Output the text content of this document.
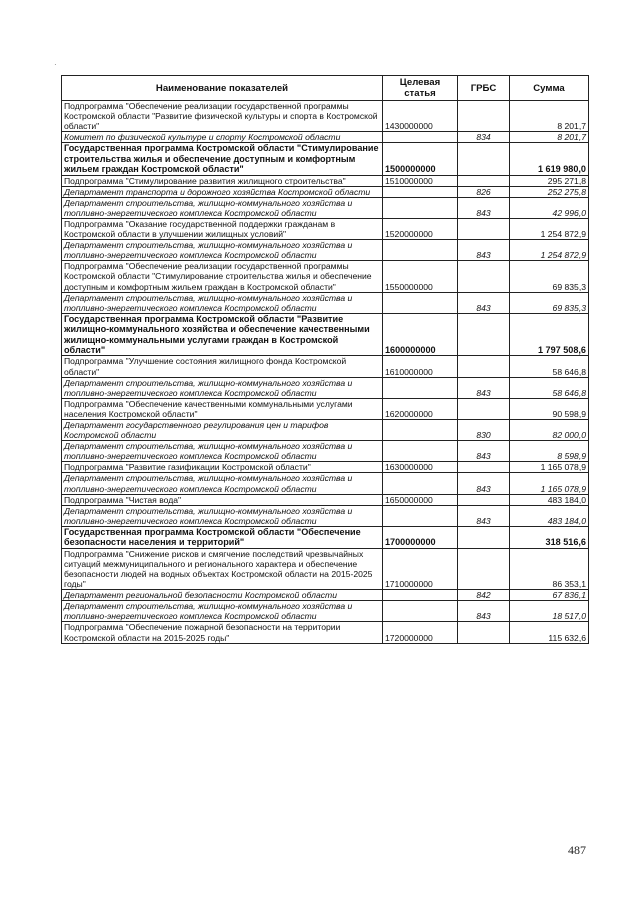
·
Наименование показателей	Целевая статья	ГРБС	Сумма
Подпрограмма "Обеспечение реализации государственной программы Костромской области "Развитие физической культуры и спорта в Костромской области"	1430000000		8 201,7
Комитет по физической культуре и спорту Костромской области		834	8 201,7
Государственная программа Костромской области "Стимулирование строительства жилья и обеспечение доступным и комфортным жильем граждан Костромской области"	1500000000		1 619 980,0
Подпрограмма "Стимулирование развития жилищного строительства"	1510000000		295 271,8
Департамент транспорта и дорожного хозяйства Костромской области		826	252 275,8
Департамент строительства, жилищно-коммунального хозяйства и топливно-энергетического комплекса Костромской области		843	42 996,0
Подпрограмма "Оказание государственной поддержки гражданам в Костромской области в улучшении жилищных условий"	1520000000		1 254 872,9
Департамент строительства, жилищно-коммунального хозяйства и топливно-энергетического комплекса Костромской области		843	1 254 872,9
Подпрограмма "Обеспечение реализации государственной программы Костромской области "Стимулирование строительства жилья и обеспечение доступным и комфортным жильем граждан в Костромской области"	1550000000		69 835,3
Департамент строительства, жилищно-коммунального хозяйства и топливно-энергетического комплекса Костромской области		843	69 835,3
Государственная программа Костромской области "Развитие жилищно-коммунального хозяйства и обеспечение качественными жилищно-коммунальными услугами граждан в Костромской области"	1600000000		1 797 508,6
Подпрограмма "Улучшение состояния жилищного фонда Костромской области"	1610000000		58 646,8
Департамент строительства, жилищно-коммунального хозяйства и топливно-энергетического комплекса Костромской области		843	58 646,8
Подпрограмма "Обеспечение качественными коммунальными услугами населения Костромской области"	1620000000		90 598,9
Департамент государственного регулирования цен и тарифов Костромской области		830	82 000,0
Департамент строительства, жилищно-коммунального хозяйства и топливно-энергетического комплекса Костромской области		843	8 598,9
Подпрограмма "Развитие газификации Костромской области"	1630000000		1 165 078,9
Департамент строительства, жилищно-коммунального хозяйства и топливно-энергетического комплекса Костромской области		843	1 165 078,9
Подпрограмма "Чистая вода"	1650000000		483 184,0
Департамент строительства, жилищно-коммунального хозяйства и топливно-энергетического комплекса Костромской области		843	483 184,0
Государственная программа Костромской области "Обеспечение безопасности населения и территорий"	1700000000		318 516,6
Подпрограмма "Снижение рисков и смягчение последствий чрезвычайных ситуаций межмуниципального и регионального характера и обеспечение безопасности людей на водных объектах Костромской области на 2015-2025 годы"	1710000000		86 353,1
Департамент региональной безопасности Костромской области		842	67 836,1
Департамент строительства, жилищно-коммунального хозяйства и топливно-энергетического комплекса Костромской области		843	18 517,0
Подпрограмма "Обеспечение пожарной безопасности на территории Костромской области на 2015-2025 годы"	1720000000		115 632,6
487
